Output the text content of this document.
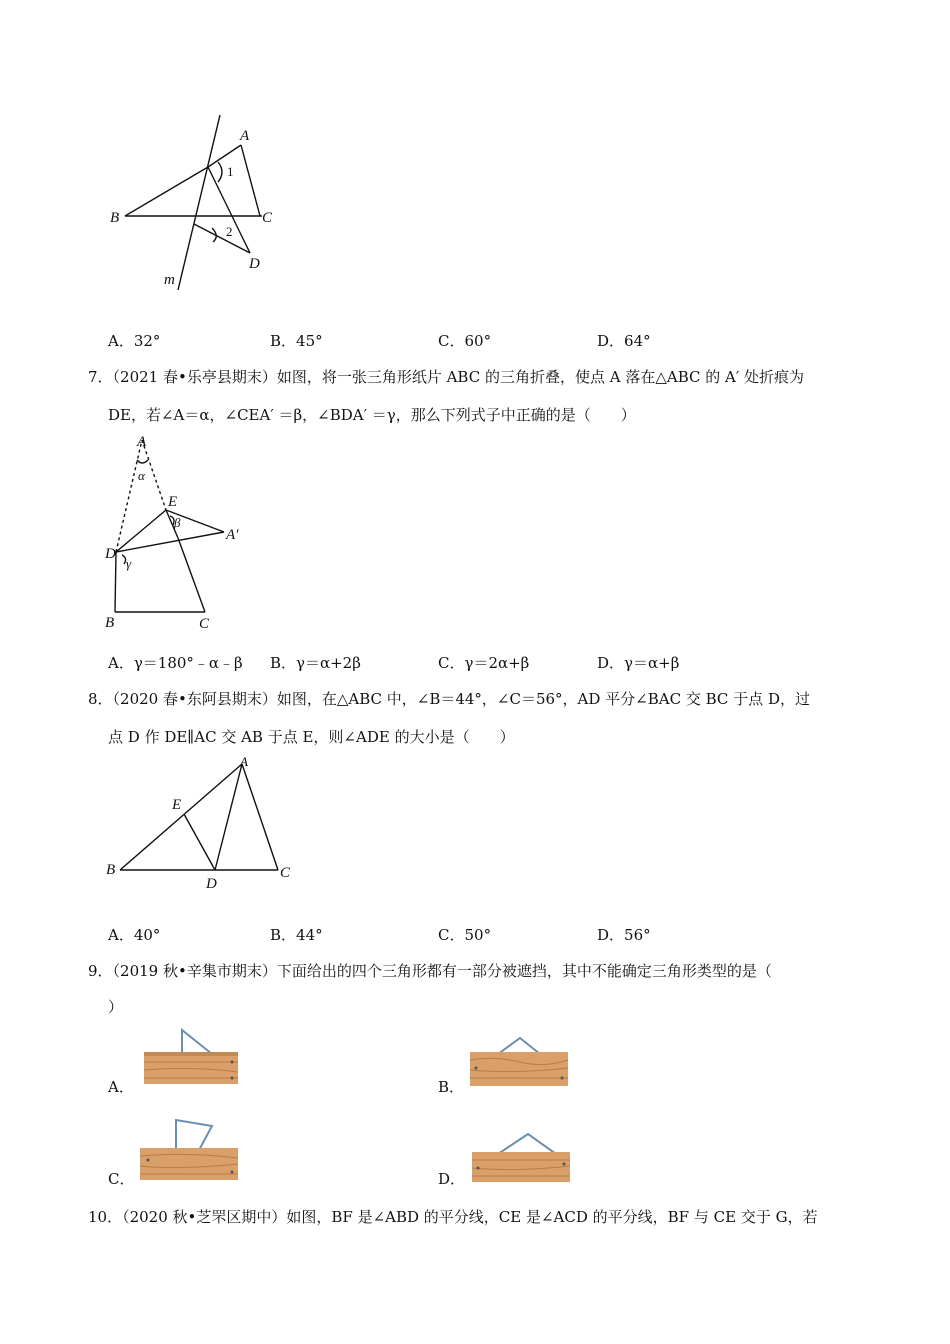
A
B	C
D
m
1
2
A．32°	B．45°	C．60°	D．64°
7．（2021 春•乐亭县期末）如图，将一张三角形纸片 ABC 的三角折叠，使点 A 落在△ABC 的 A′ 处折痕为
DE，若∠A＝α，∠CEA′ ＝β，∠BDA′ ＝γ，那么下列式子中正确的是（　　）
A
E
A′
D
B	C
α
β
γ
A．γ＝180°﹣α﹣β B．γ＝α+2β	C．γ＝2α+β	D．γ＝α+β
8．（2020 春•东阿县期末）如图，在△ABC 中，∠B＝44°，∠C＝56°，AD 平分∠BAC 交 BC 于点 D，过
点 D 作 DE∥AC 交 AB 于点 E，则∠ADE 的大小是（　　）
A
E
B
D
C
A．40°	B．44°	C．50°	D．56°
9．（2019 秋•辛集市期末）下面给出的四个三角形都有一部分被遮挡，其中不能确定三角形类型的是（
）
A．	B．
C．	D．
10．（2020 秋•芝罘区期中）如图，BF 是∠ABD 的平分线，CE 是∠ACD 的平分线，BF 与 CE 交于 G，若
